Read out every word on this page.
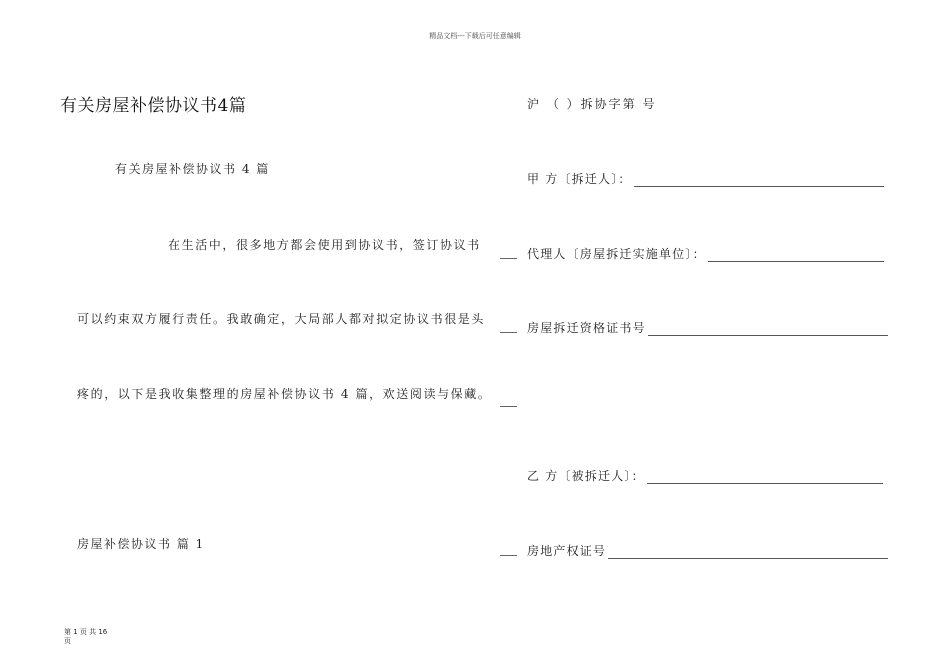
精品文档---下载后可任意编辑
有关房屋补偿协议书4篇
有关房屋补偿协议书 4 篇
在生活中，很多地方都会使用到协议书，签订协议书
可以约束双方履行责任。我敢确定，大局部人都对拟定协议书很是头
疼的，以下是我收集整理的房屋补偿协议书 4 篇，欢送阅读与保藏。
房屋补偿协议书 篇 1
沪 （ ）拆协字第 号
甲 方〔拆迁人〕：
代理人〔房屋拆迁实施单位〕：
房屋拆迁资格证书号
乙 方〔被拆迁人〕：
房地产权证号
第 1 页 共 16
页
